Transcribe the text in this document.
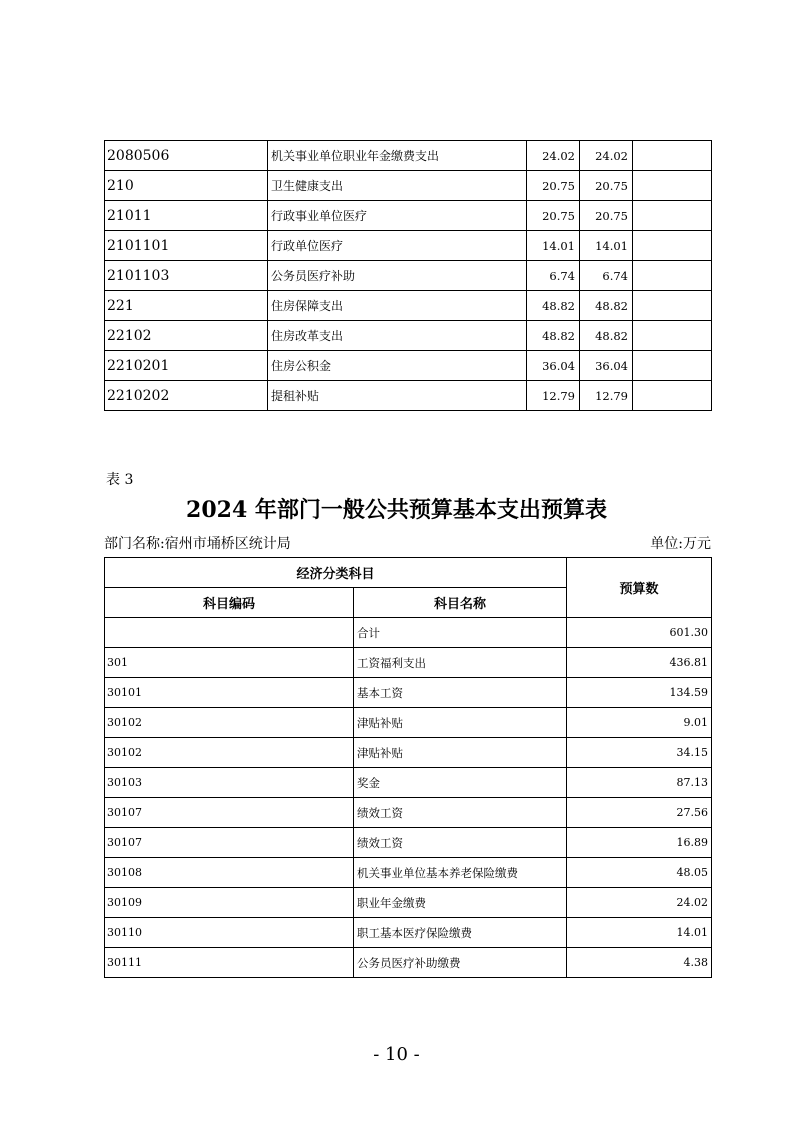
2080506	机关事业单位职业年金缴费支出	24.02	24.02	
210	卫生健康支出	20.75	20.75	
21011	行政事业单位医疗	20.75	20.75	
2101101	行政单位医疗	14.01	14.01	
2101103	公务员医疗补助	6.74	6.74	
221	住房保障支出	48.82	48.82	
22102	住房改革支出	48.82	48.82	
2210201	住房公积金	36.04	36.04	
2210202	提租补贴	12.79	12.79	
表 3
2024 年部门一般公共预算基本支出预算表
部门名称:宿州市埇桥区统计局	单位:万元
经济分类科目		预算数
科目编码	科目名称	
	合计	601.30
301	工资福利支出	436.81
30101	基本工资	134.59
30102	津贴补贴	9.01
30102	津贴补贴	34.15
30103	奖金	87.13
30107	绩效工资	27.56
30107	绩效工资	16.89
30108	机关事业单位基本养老保险缴费	48.05
30109	职业年金缴费	24.02
30110	职工基本医疗保险缴费	14.01
30111	公务员医疗补助缴费	4.38
- 10 -
